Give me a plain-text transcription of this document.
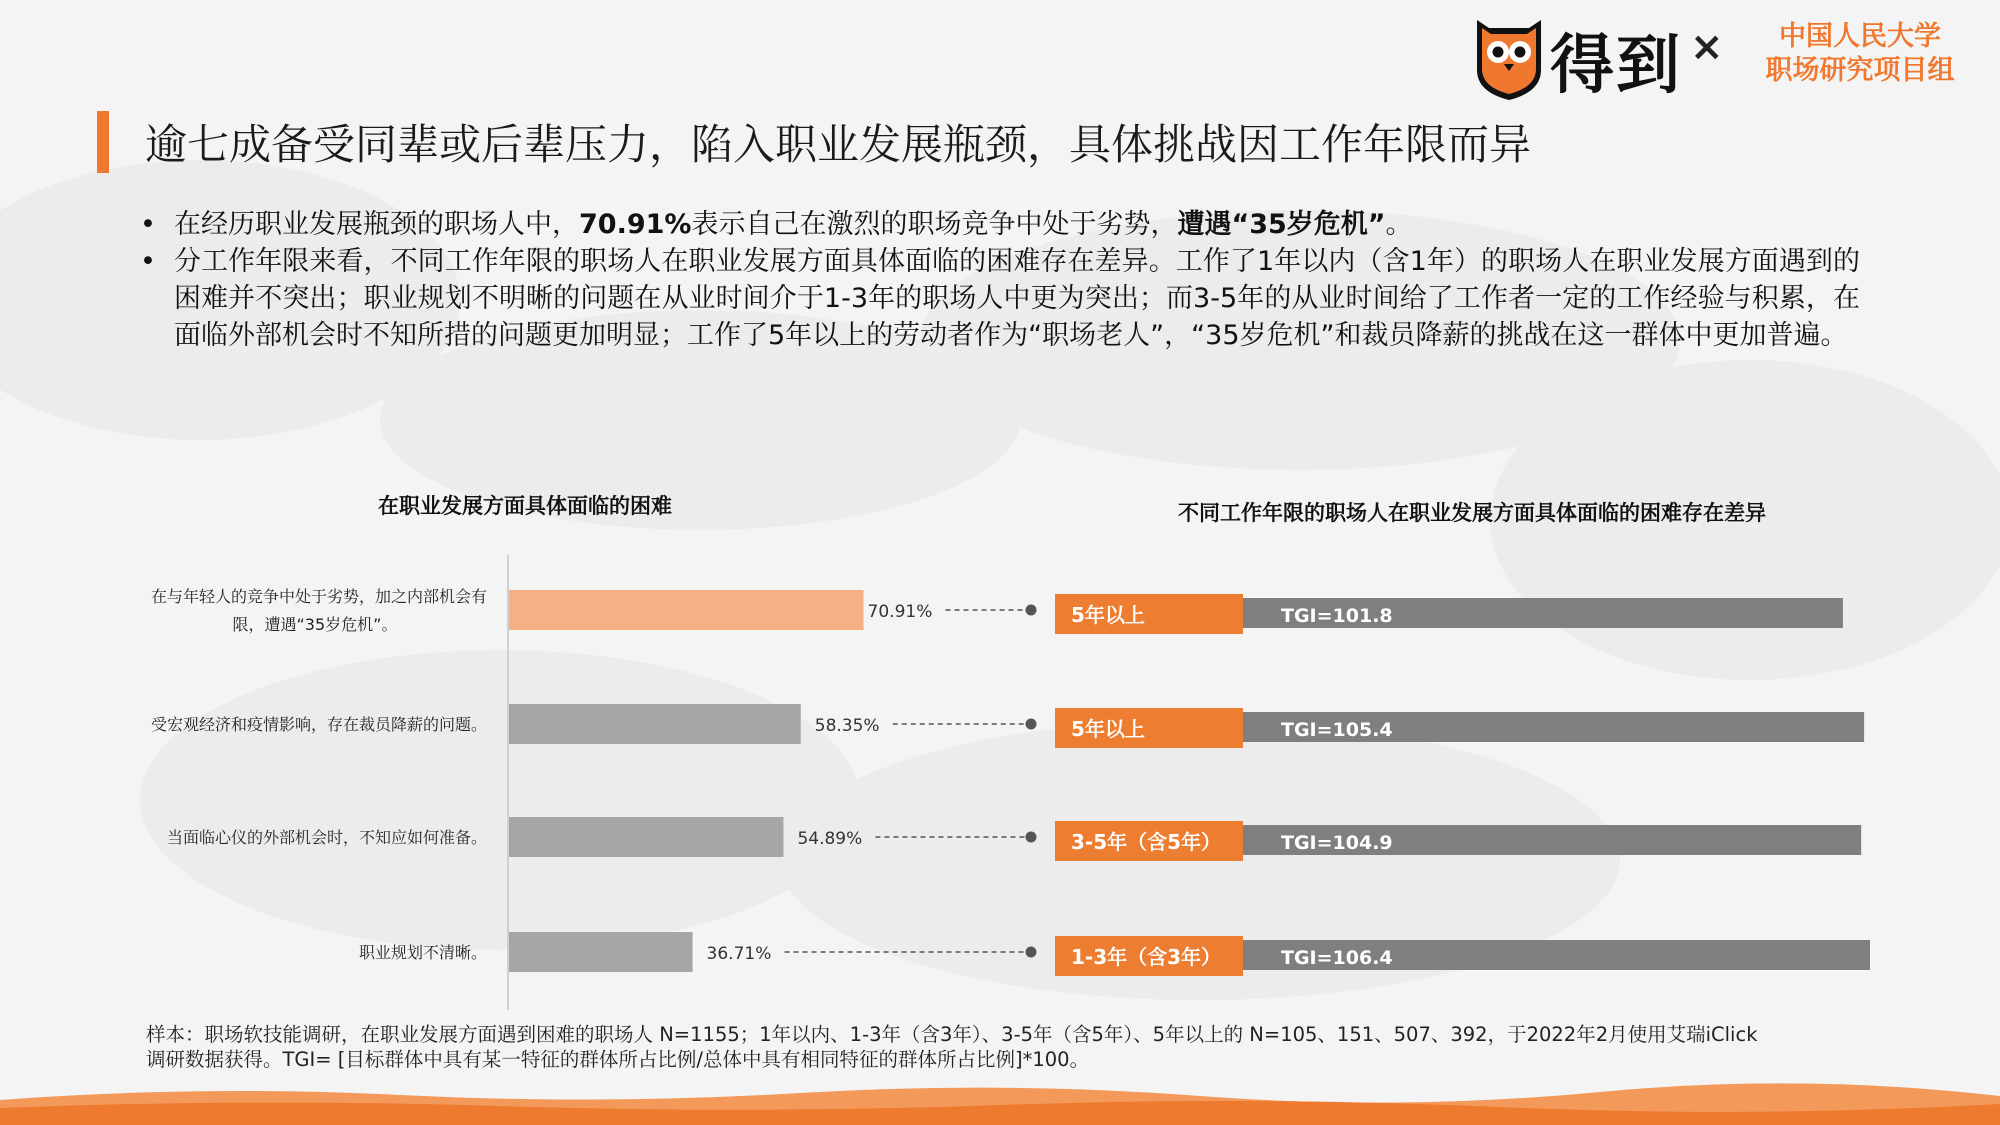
得到 ×	中国人民大学
职场研究项目组
逾七成备受同辈或后辈压力，陷入职业发展瓶颈，具体挑战因工作年限而异
• 在经历职业发展瓶颈的职场人中，70.91%表示自己在激烈的职场竞争中处于劣势，遭遇“35岁危机”。
• 分工作年限来看，不同工作年限的职场人在职业发展方面具体面临的困难存在差异。工作了1年以内（含1年）的职场人在职业发展方面遇到的困难并不突出；职业规划不明晰的问题在从业时间介于1-3年的职场人中更为突出；而3-5年的从业时间给了工作者一定的工作经验与积累，在面临外部机会时不知所措的问题更加明显；工作了5年以上的劳动者作为“职场老人”，“35岁危机”和裁员降薪的挑战在这一群体中更加普遍。
在职业发展方面具体面临的困难	不同工作年限的职场人在职业发展方面具体面临的困难存在差异
在与年轻人的竞争中处于劣势，加之内部机会有
限，遭遇“35岁危机”。
70.91%
受宏观经济和疫情影响，存在裁员降薪的问题。	58.35%
当面临心仪的外部机会时，不知应如何准备。	54.89%
职业规划不清晰。	36.71%
5年以上	TGI=101.8
5年以上	TGI=105.4
3-5年（含5年）	TGI=104.9
1-3年（含3年）	TGI=106.4
样本：职场软技能调研，在职业发展方面遇到困难的职场人 N=1155；1年以内、1-3年（含3年）、3-5年（含5年）、5年以上的 N=105、151、507、392，于2022年2月使用艾瑞iClick
调研数据获得。TGI= [目标群体中具有某一特征的群体所占比例/总体中具有相同特征的群体所占比例]*100。
